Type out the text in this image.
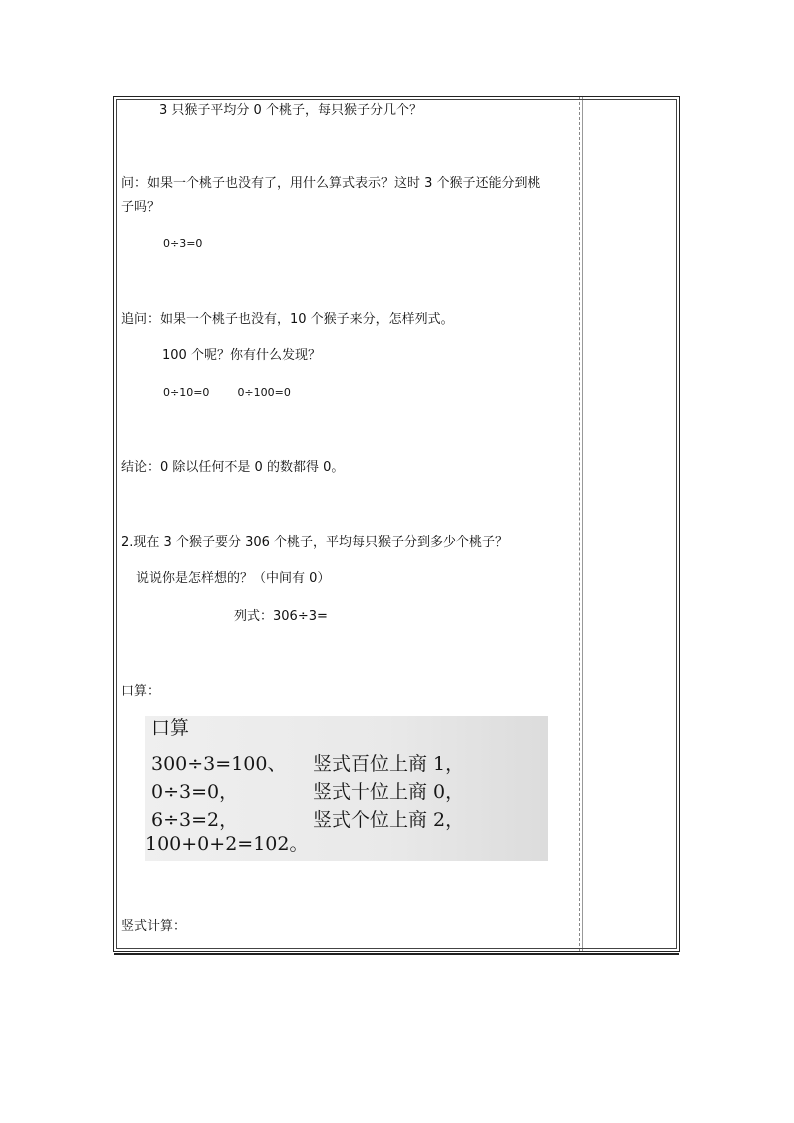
3 只猴子平均分 0 个桃子，每只猴子分几个？
问：如果一个桃子也没有了，用什么算式表示？这时 3 个猴子还能分到桃
子吗？
0÷3=0
追问：如果一个桃子也没有，10 个猴子来分，怎样列式。
100 个呢？你有什么发现？
0÷10=0	0÷100=0
结论：0 除以任何不是 0 的数都得 0。
2.现在 3 个猴子要分 306 个桃子，平均每只猴子分到多少个桃子？
说说你是怎样想的？（中间有 0）
列式：306÷3=
口算：
口算
300÷3=100、 竖式百位上商 1，
0÷3=0，	竖式十位上商 0，
6÷3=2，	竖式个位上商 2，
100+0+2=102。
竖式计算：
